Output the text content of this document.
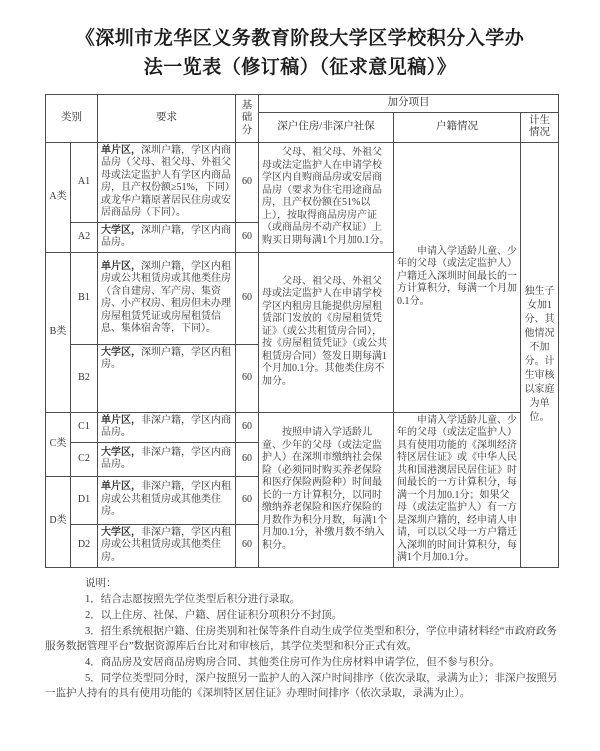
《深圳市龙华区义务教育阶段大学区学校积分入学办
法一览表（修订稿）（征求意见稿）》
类别		要求	基础分	加分项目		
				深户住房/非深户社保	户籍情况	计生情况
A类	A1	单片区，深圳户籍，学区内商品房（父母、祖父母、外祖父母或法定监护人有学区内商品房，且产权份额≥51%，下同）或龙华户籍原著居民住房或安居商品房（下同）。	60	父母、祖父母、外祖父母或法定监护人在申请学校学区内自购商品房或安居商品房（要求为住宅用途商品房，且产权份额在51%以上），按取得商品房房产证（或商品房不动产权证）上购买日期每满1个月加0.1分。	申请入学适龄儿童、少年的父母（或法定监护人）户籍迁入深圳时间最长的一方计算积分，每满一个月加0.1分。	独生子女加1分、其他情况不加分。计生审核以家庭为单位。
	A2	大学区，深圳户籍，学区内商品房。	60			
B类	B1	单片区，深圳户籍，学区内租房或公共租赁房或其他类住房（含自建房、军产房、集资房、小产权房、租房但未办理房屋租赁凭证或房屋租赁信息、集体宿舍等，下同）。	60	父母、祖父母、外祖父母或法定监护人在申请学校学区内租房且能提供房屋租赁部门发放的《房屋租赁凭证》（或公共租赁房合同），按《房屋租赁凭证》（或公共租赁房合同）签发日期每满1个月加0.1分。其他类住房不加分。		

	B2	大学区，深圳户籍，学区内租房。	60			
C类	C1	单片区，非深户籍，学区内商品房。	60	按照申请入学适龄儿童、少年的父母（或法定监护人）在深圳市缴纳社会保险（必须同时购买养老保险和医疗保险两险种）时间最长的一方计算积分，以同时缴纳养老保险和医疗保险的月数作为积分月数，每满1个月加0.1分，补缴月数不纳入积分。	申请入学适龄儿童、少年的父母（或法定监护人）具有使用功能的《深圳经济特区居住证》或《中华人民共和国港澳居民居住证》时间最长的一方计算积分，每满一个月加0.1分；如果父母（或法定监护人）有一方是深圳户籍的，经申请人申请，可以以父母一方户籍迁入深圳的时间计算积分，每满1个月加0.1分。	

	C2	大学区，非深户籍，学区内商品房。	60			
D类	D1	单片区，非深户籍，学区内租房或公共租赁房或其他类住房。	60			
	D2	大学区，非深户籍，学区内租房或公共租赁房或其他类住房。	60			

说明：

1．结合志愿按照先学位类型后积分进行录取。

2．以上住房、社保、户籍、居住证积分项积分不封顶。

3．招生系统根据户籍、住房类别和社保等条件自动生成学位类型和积分，学位申请材料经“市政府政务服务数据管理平台”数据资源库后台比对和审核后，其学位类型和积分正式有效。

4．商品房及安居商品房购房合同、其他类住房可作为住房材料申请学位，但不参与积分。

5．同学位类型同分时，深户按照另一监护人的入深户时间排序（依次录取，录满为止）；非深户按照另一监护人持有的具有使用功能的《深圳特区居住证》办理时间排序（依次录取，录满为止）。
